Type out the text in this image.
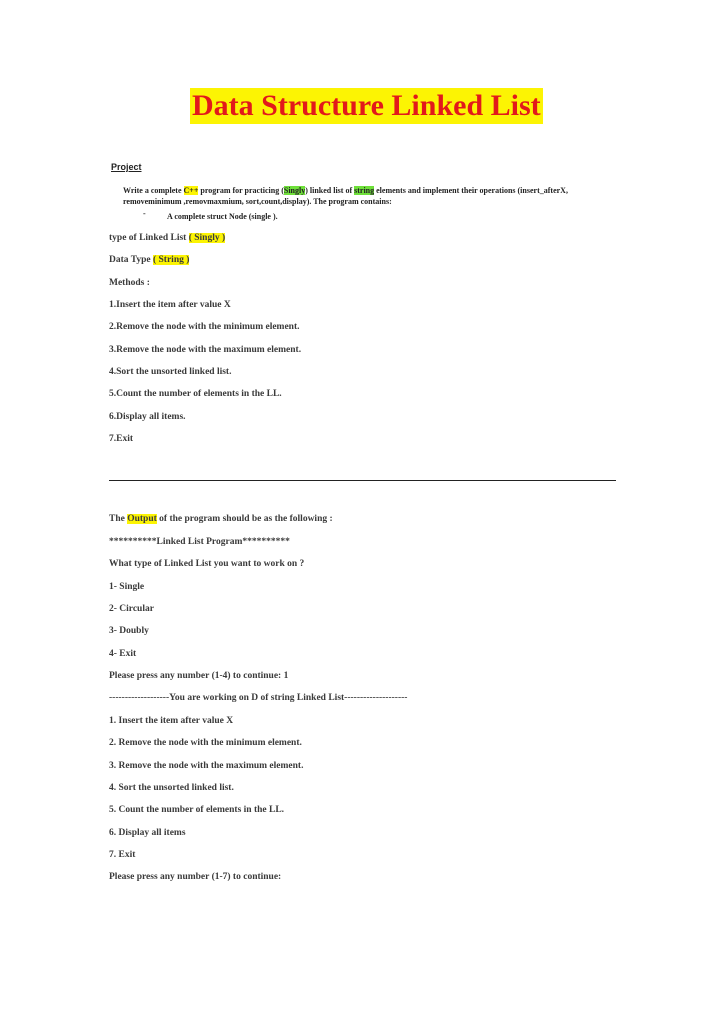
Data Structure Linked List
Project
Write a complete C++ program for practicing (Singly) linked list of string elements and implement their operations (insert_afterX, removeminimum ,removmaxmium, sort,count,display). The program contains:
-	A complete struct Node (single ).
type of Linked List ( Singly )
Data Type ( String )
Methods :
1.Insert the item after value X
2.Remove the node with the minimum element.
3.Remove the node with the maximum element.
4.Sort the unsorted linked list.
5.Count the number of elements in the LL.
6.Display all items.
7.Exit
The Output of the program should be as the following :
**********Linked List Program**********
What type of Linked List you want to work on ?
1- Single
2- Circular
3- Doubly
4- Exit
Please press any number (1-4) to continue: 1
-------------------You are working on D of string Linked List--------------------
1. Insert the item after value X
2. Remove the node with the minimum element.
3. Remove the node with the maximum element.
4. Sort the unsorted linked list.
5. Count the number of elements in the LL.
6. Display all items
7. Exit
Please press any number (1-7) to continue:
